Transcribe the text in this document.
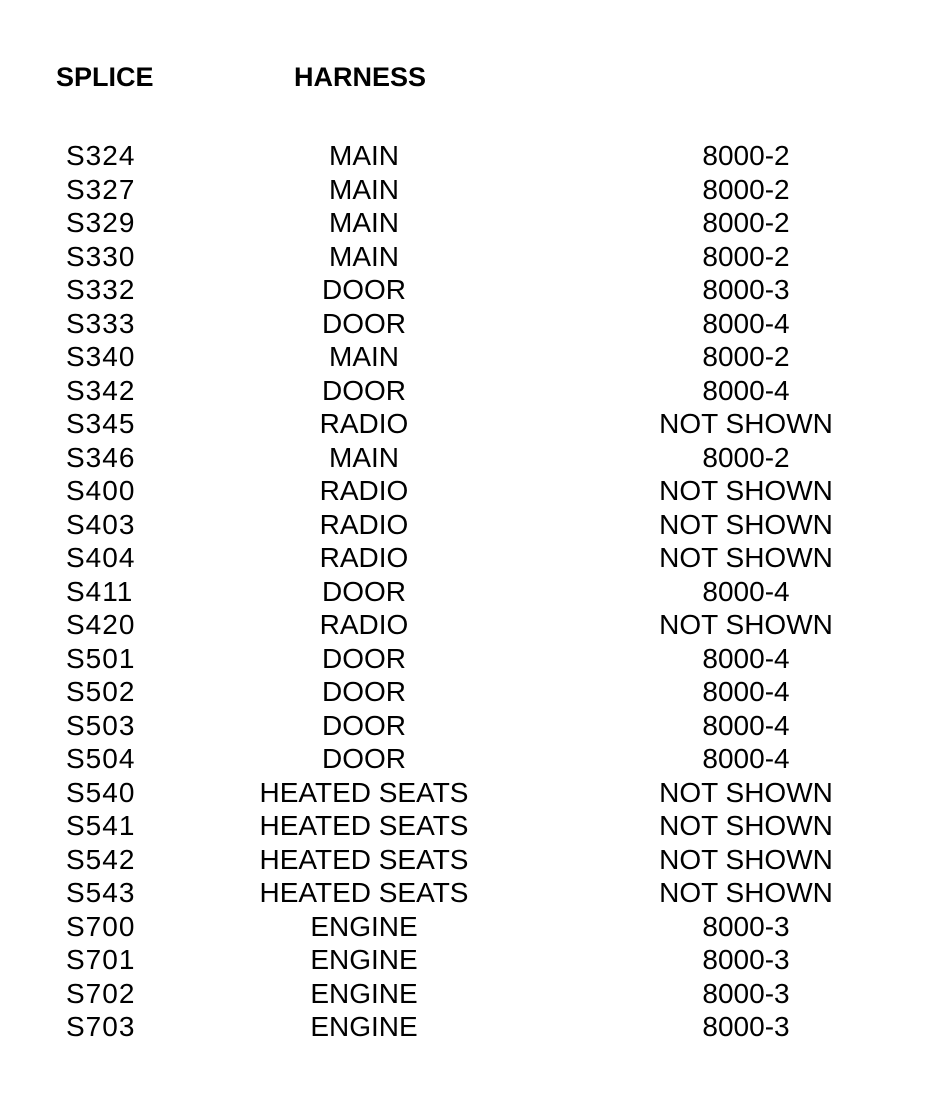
SPLICE	HARNESS
S324	MAIN	8000-2
S327	MAIN	8000-2
S329	MAIN	8000-2
S330	MAIN	8000-2
S332	DOOR	8000-3
S333	DOOR	8000-4
S340	MAIN	8000-2
S342	DOOR	8000-4
S345	RADIO	NOT SHOWN
S346	MAIN	8000-2
S400	RADIO	NOT SHOWN
S403	RADIO	NOT SHOWN
S404	RADIO	NOT SHOWN
S411	DOOR	8000-4
S420	RADIO	NOT SHOWN
S501	DOOR	8000-4
S502	DOOR	8000-4
S503	DOOR	8000-4
S504	DOOR	8000-4
S540	HEATED SEATS	NOT SHOWN
S541	HEATED SEATS	NOT SHOWN
S542	HEATED SEATS	NOT SHOWN
S543	HEATED SEATS	NOT SHOWN
S700	ENGINE	8000-3
S701	ENGINE	8000-3
S702	ENGINE	8000-3
S703	ENGINE	8000-3
